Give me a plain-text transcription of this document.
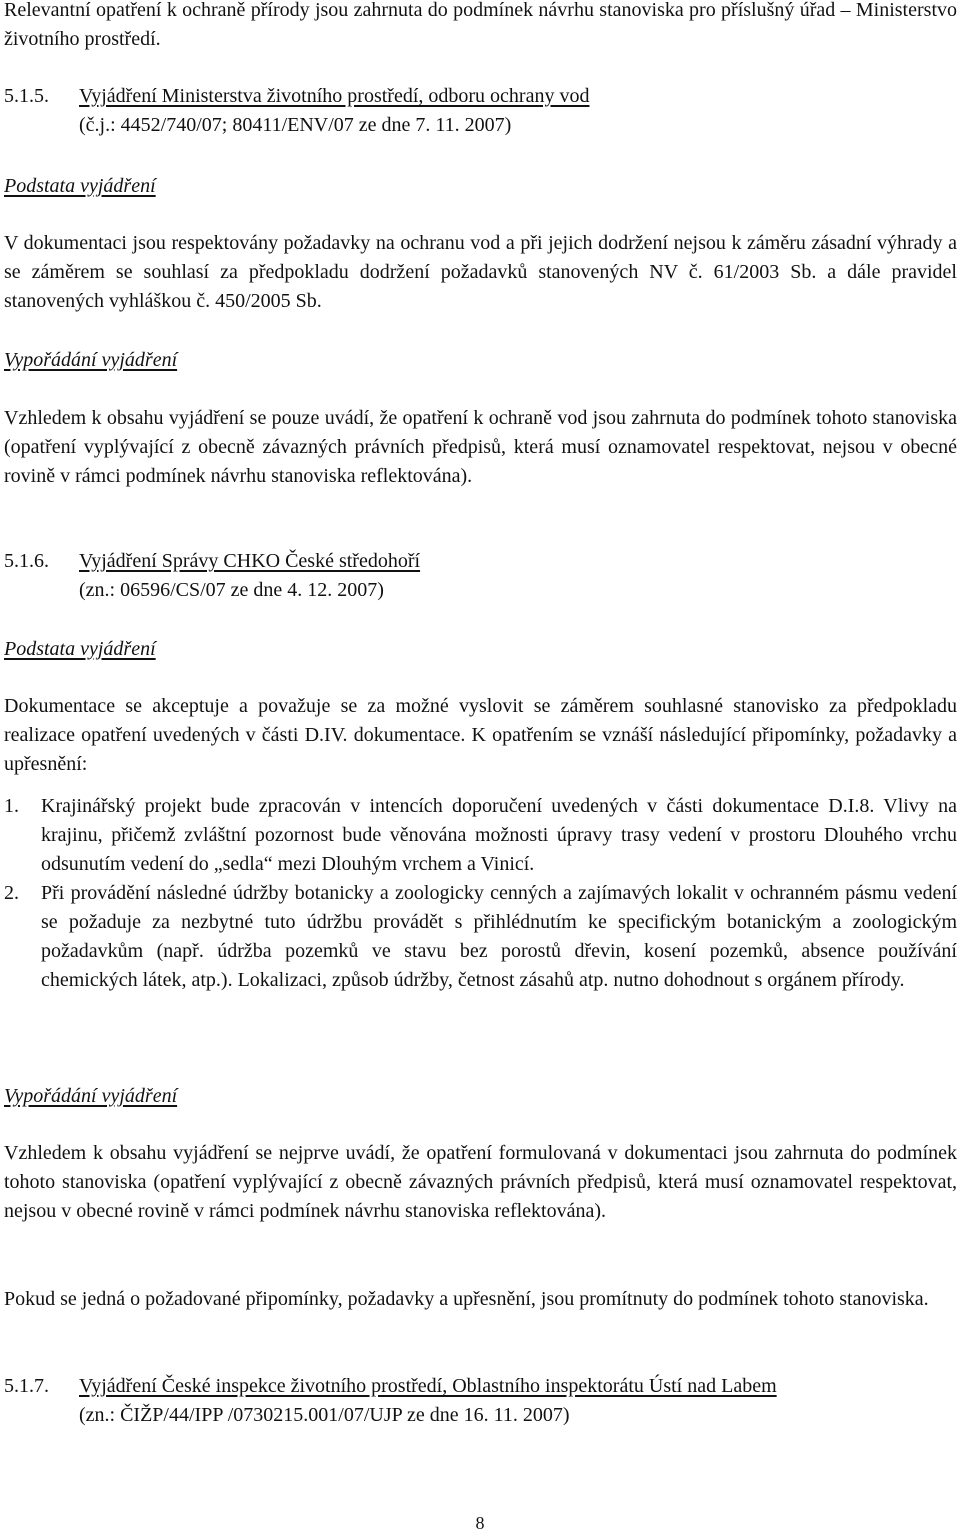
Relevantní opatření k ochraně přírody jsou zahrnuta do podmínek návrhu stanoviska pro příslušný úřad – Ministerstvo životního prostředí.

5.1.5.	Vyjádření Ministerstva životního prostředí, odboru ochrany vod

(č.j.: 4452/740/07; 80411/ENV/07 ze dne 7. 11. 2007)

Podstata vyjádření

V dokumentaci jsou respektovány požadavky na ochranu vod a při jejich dodržení nejsou k záměru zásadní výhrady a se záměrem se souhlasí za předpokladu dodržení požadavků stanovených NV č. 61/2003 Sb. a dále pravidel stanovených vyhláškou č. 450/2005 Sb.

Vypořádání vyjádření

Vzhledem k obsahu vyjádření se pouze uvádí, že opatření k ochraně vod jsou zahrnuta do podmínek tohoto stanoviska (opatření vyplývající z obecně závazných právních předpisů, která musí oznamovatel respektovat, nejsou v obecné rovině v rámci podmínek návrhu stanoviska reflektována).

5.1.6.	Vyjádření Správy CHKO České středohoří

(zn.: 06596/CS/07 ze dne 4. 12. 2007)

Podstata vyjádření

Dokumentace se akceptuje a považuje se za možné vyslovit se záměrem souhlasné stanovisko za předpokladu realizace opatření uvedených v části D.IV. dokumentace. K opatřením se vznáší následující připomínky, požadavky a upřesnění:

1.	Krajinářský projekt bude zpracován v intencích doporučení uvedených v části dokumentace D.I.8. Vlivy na krajinu, přičemž zvláštní pozornost bude věnována možnosti úpravy trasy vedení v prostoru Dlouhého vrchu odsunutím vedení do „sedla“ mezi Dlouhým vrchem a Vinicí.
2.	Při provádění následné údržby botanicky a zoologicky cenných a zajímavých lokalit v ochranném pásmu vedení se požaduje za nezbytné tuto údržbu provádět s přihlédnutím ke specifickým botanickým a zoologickým požadavkům (např. údržba pozemků ve stavu bez porostů dřevin, kosení pozemků, absence používání chemických látek, atp.). Lokalizaci, způsob údržby, četnost zásahů atp. nutno dohodnout s orgánem přírody.

Vypořádání vyjádření

Vzhledem k obsahu vyjádření se nejprve uvádí, že opatření formulovaná v dokumentaci jsou zahrnuta do podmínek tohoto stanoviska (opatření vyplývající z obecně závazných právních předpisů, která musí oznamovatel respektovat, nejsou v obecné rovině v rámci podmínek návrhu stanoviska reflektována).

Pokud se jedná o požadované připomínky, požadavky a upřesnění, jsou promítnuty do podmínek tohoto stanoviska.

5.1.7.	Vyjádření České inspekce životního prostředí, Oblastního inspektorátu Ústí nad Labem

(zn.: ČIŽP/44/IPP /0730215.001/07/UJP ze dne 16. 11. 2007)

8
